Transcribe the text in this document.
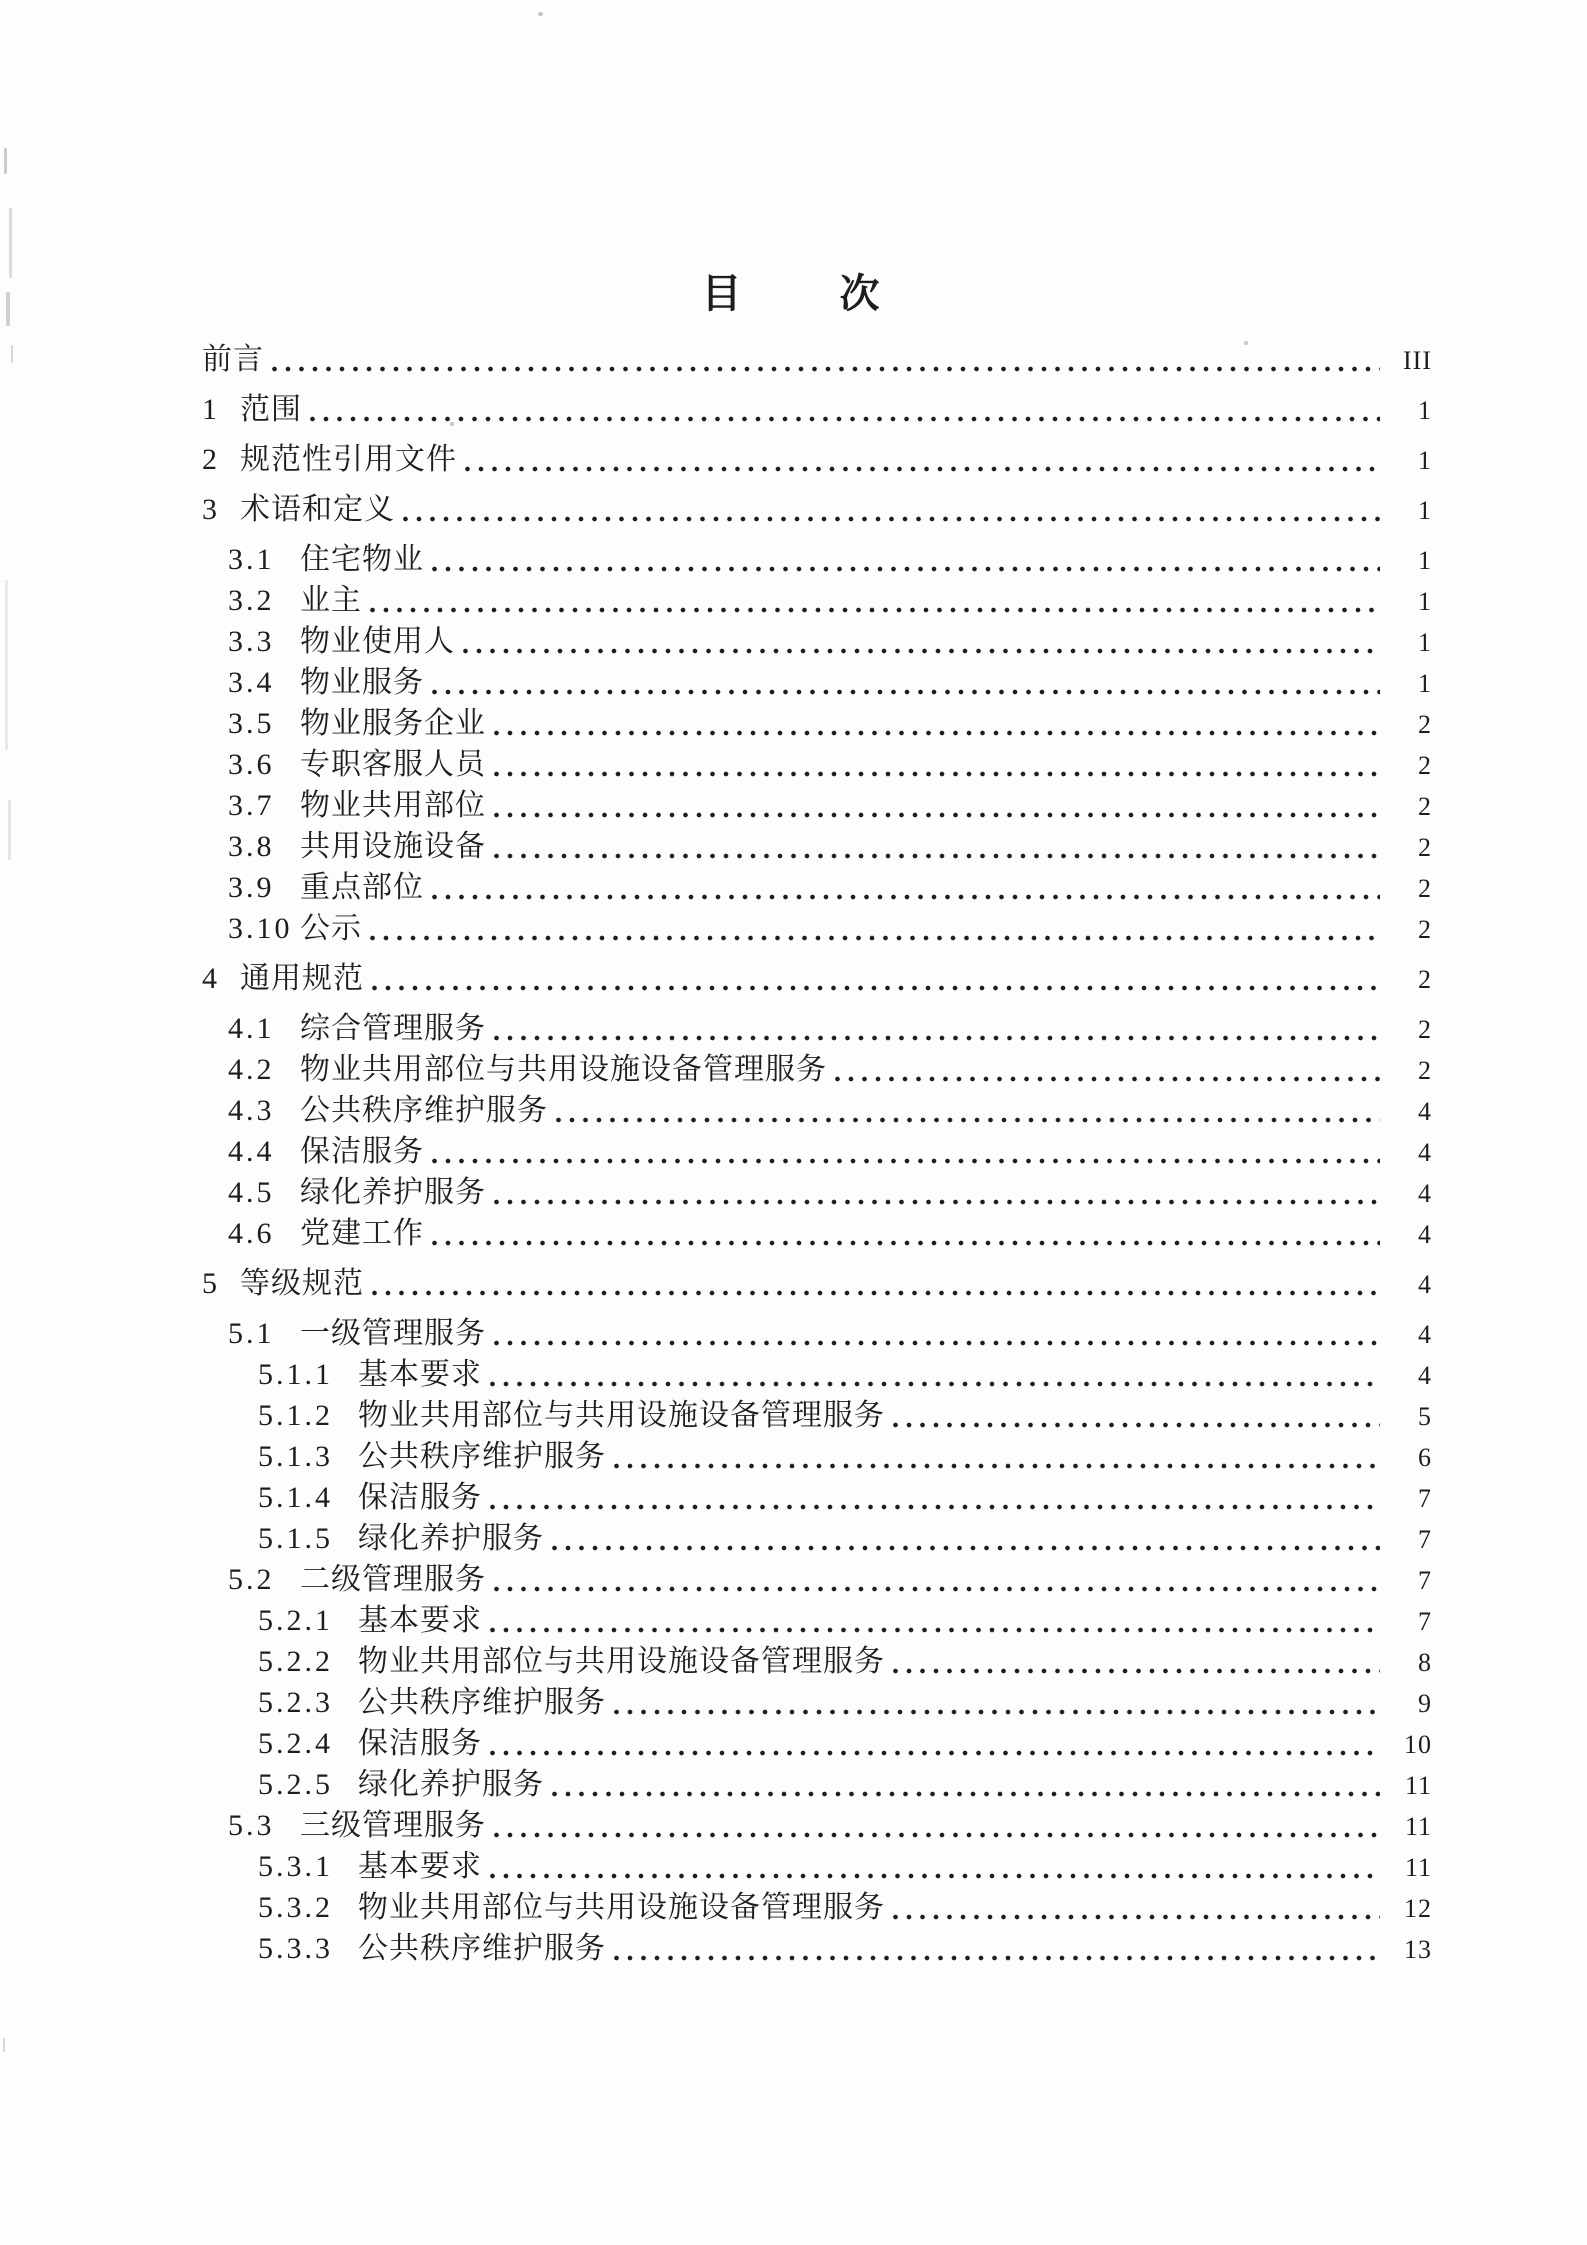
目　　次
前言	III
1 范围	1
2 规范性引用文件	1
3 术语和定义	1
3.1 住宅物业	1
3.2 业主	1
3.3 物业使用人	1
3.4 物业服务	1
3.5 物业服务企业	2
3.6 专职客服人员	2
3.7 物业共用部位	2
3.8 共用设施设备	2
3.9 重点部位	2
3.10 公示	2
4 通用规范	2
4.1 综合管理服务	2
4.2 物业共用部位与共用设施设备管理服务	2
4.3 公共秩序维护服务	4
4.4 保洁服务	4
4.5 绿化养护服务	4
4.6 党建工作	4
5 等级规范	4
5.1 一级管理服务	4
5.1.1 基本要求	4
5.1.2 物业共用部位与共用设施设备管理服务	5
5.1.3 公共秩序维护服务	6
5.1.4 保洁服务	7
5.1.5 绿化养护服务	7
5.2 二级管理服务	7
5.2.1 基本要求	7
5.2.2 物业共用部位与共用设施设备管理服务	8
5.2.3 公共秩序维护服务	9
5.2.4 保洁服务	10
5.2.5 绿化养护服务	11
5.3 三级管理服务	11
5.3.1 基本要求	11
5.3.2 物业共用部位与共用设施设备管理服务	12
5.3.3 公共秩序维护服务	13
